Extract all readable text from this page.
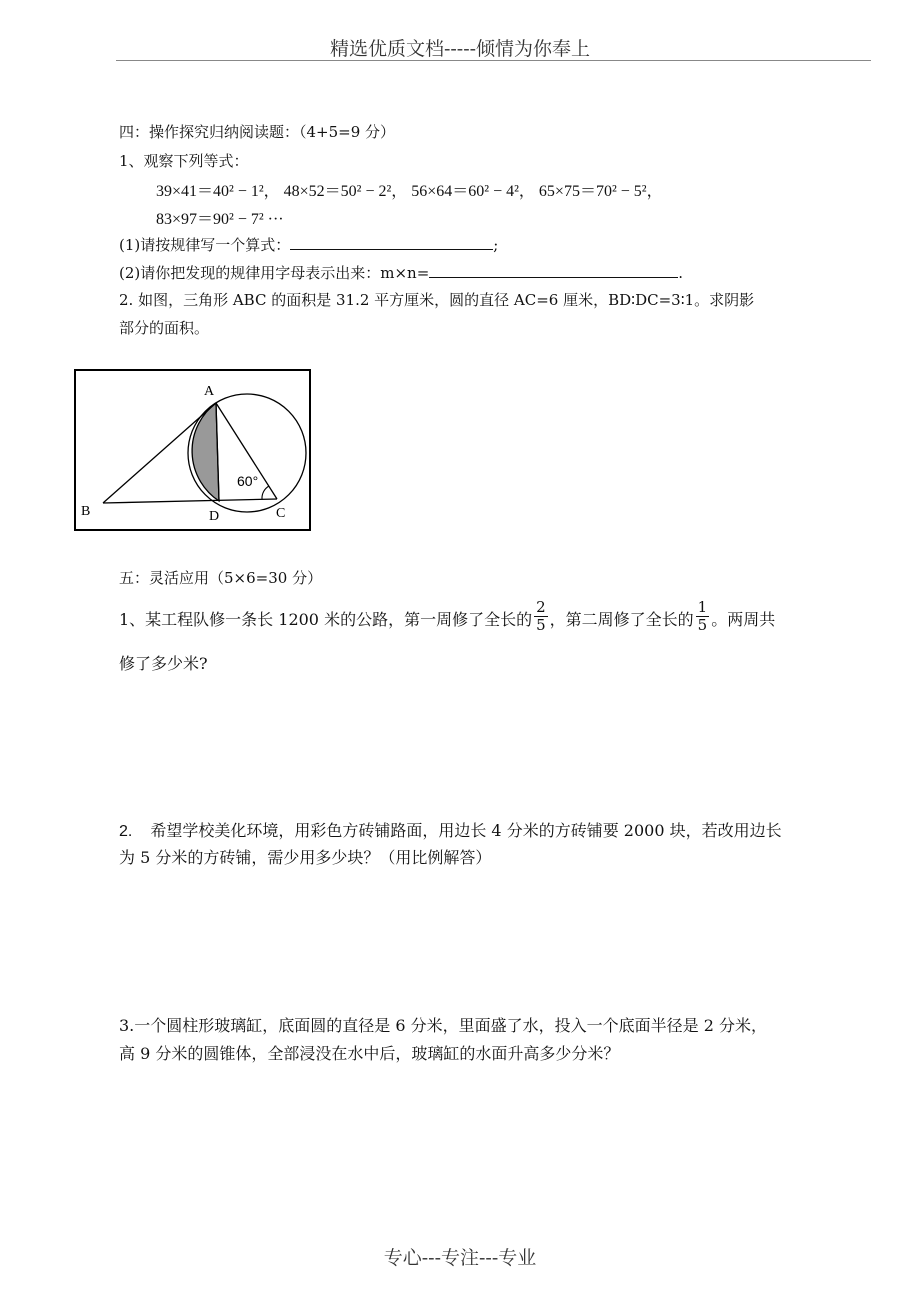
精选优质文档-----倾情为你奉上
四：操作探究归纳阅读题：（4+5=9 分）
1、观察下列等式：
39×41＝40² − 1²， 48×52＝50² − 2²， 56×64＝60² − 4²， 65×75＝70² − 5²，
83×97＝90² − 7² ···
(1)请按规律写一个算式：	;
(2)请你把发现的规律用字母表示出来：m×n=	.
2. 如图，三角形 ABC 的面积是 31.2 平方厘米，圆的直径 AC=6 厘米，BD∶DC=3∶1。求阴影
部分的面积。
A
B	C
D
60°
五：灵活应用（5×6=30 分）
1、某工程队修一条长 1200 米的公路，第一周修了全长的 $\frac{2}{5}$ ，第二周修了全长的 $\frac{1}{5}$ 。两周共
修了多少米?
2. 希望学校美化环境，用彩色方砖铺路面，用边长 4 分米的方砖铺要 2000 块，若改用边长
为 5 分米的方砖铺，需少用多少块？（用比例解答）
3.一个圆柱形玻璃缸，底面圆的直径是 6 分米，里面盛了水，投入一个底面半径是 2 分米，
高 9 分米的圆锥体，全部浸没在水中后，玻璃缸的水面升高多少分米？
专心---专注---专业
